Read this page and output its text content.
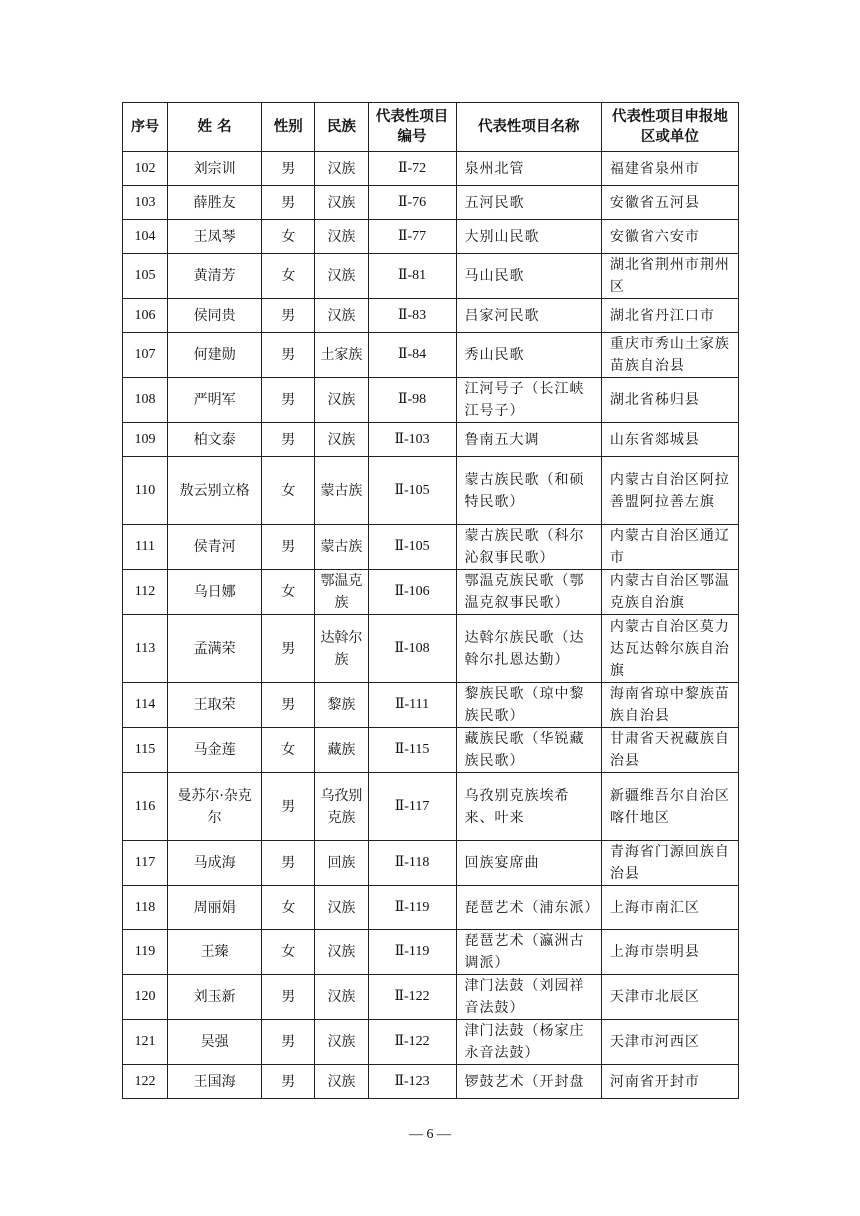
序号	姓 名	性别	民族	代表性项目编号	代表性项目名称	代表性项目申报地区或单位
102	刘宗训	男	汉族	Ⅱ-72	泉州北管	福建省泉州市
103	薛胜友	男	汉族	Ⅱ-76	五河民歌	安徽省五河县
104	王凤琴	女	汉族	Ⅱ-77	大别山民歌	安徽省六安市
105	黄清芳	女	汉族	Ⅱ-81	马山民歌	湖北省荆州市荆州区
106	侯同贵	男	汉族	Ⅱ-83	吕家河民歌	湖北省丹江口市
107	何建勋	男	土家族	Ⅱ-84	秀山民歌	重庆市秀山土家族苗族自治县
108	严明军	男	汉族	Ⅱ-98	江河号子（长江峡江号子）	湖北省秭归县
109	柏文泰	男	汉族	Ⅱ-103	鲁南五大调	山东省郯城县
110	敖云别立格	女	蒙古族	Ⅱ-105	蒙古族民歌（和硕特民歌）	内蒙古自治区阿拉善盟阿拉善左旗
111	侯青河	男	蒙古族	Ⅱ-105	蒙古族民歌（科尔沁叙事民歌）	内蒙古自治区通辽市
112	乌日娜	女	鄂温克族	Ⅱ-106	鄂温克族民歌（鄂温克叙事民歌）	内蒙古自治区鄂温克族自治旗
113	孟满荣	男	达斡尔族	Ⅱ-108	达斡尔族民歌（达斡尔扎恩达勤）	内蒙古自治区莫力达瓦达斡尔族自治旗
114	王取荣	男	黎族	Ⅱ-111	黎族民歌（琼中黎族民歌）	海南省琼中黎族苗族自治县
115	马金莲	女	藏族	Ⅱ-115	藏族民歌（华锐藏族民歌）	甘肃省天祝藏族自治县
116	曼苏尔·杂克尔	男	乌孜别克族	Ⅱ-117	乌孜别克族埃希来、叶来	新疆维吾尔自治区喀什地区
117	马成海	男	回族	Ⅱ-118	回族宴席曲	青海省门源回族自治县
118	周丽娟	女	汉族	Ⅱ-119	琵琶艺术（浦东派）	上海市南汇区
119	王臻	女	汉族	Ⅱ-119	琵琶艺术（瀛洲古调派）	上海市崇明县
120	刘玉新	男	汉族	Ⅱ-122	津门法鼓（刘园祥音法鼓）	天津市北辰区
121	吴强	男	汉族	Ⅱ-122	津门法鼓（杨家庄永音法鼓）	天津市河西区
122	王国海	男	汉族	Ⅱ-123	锣鼓艺术（开封盘	河南省开封市
— 6 —
